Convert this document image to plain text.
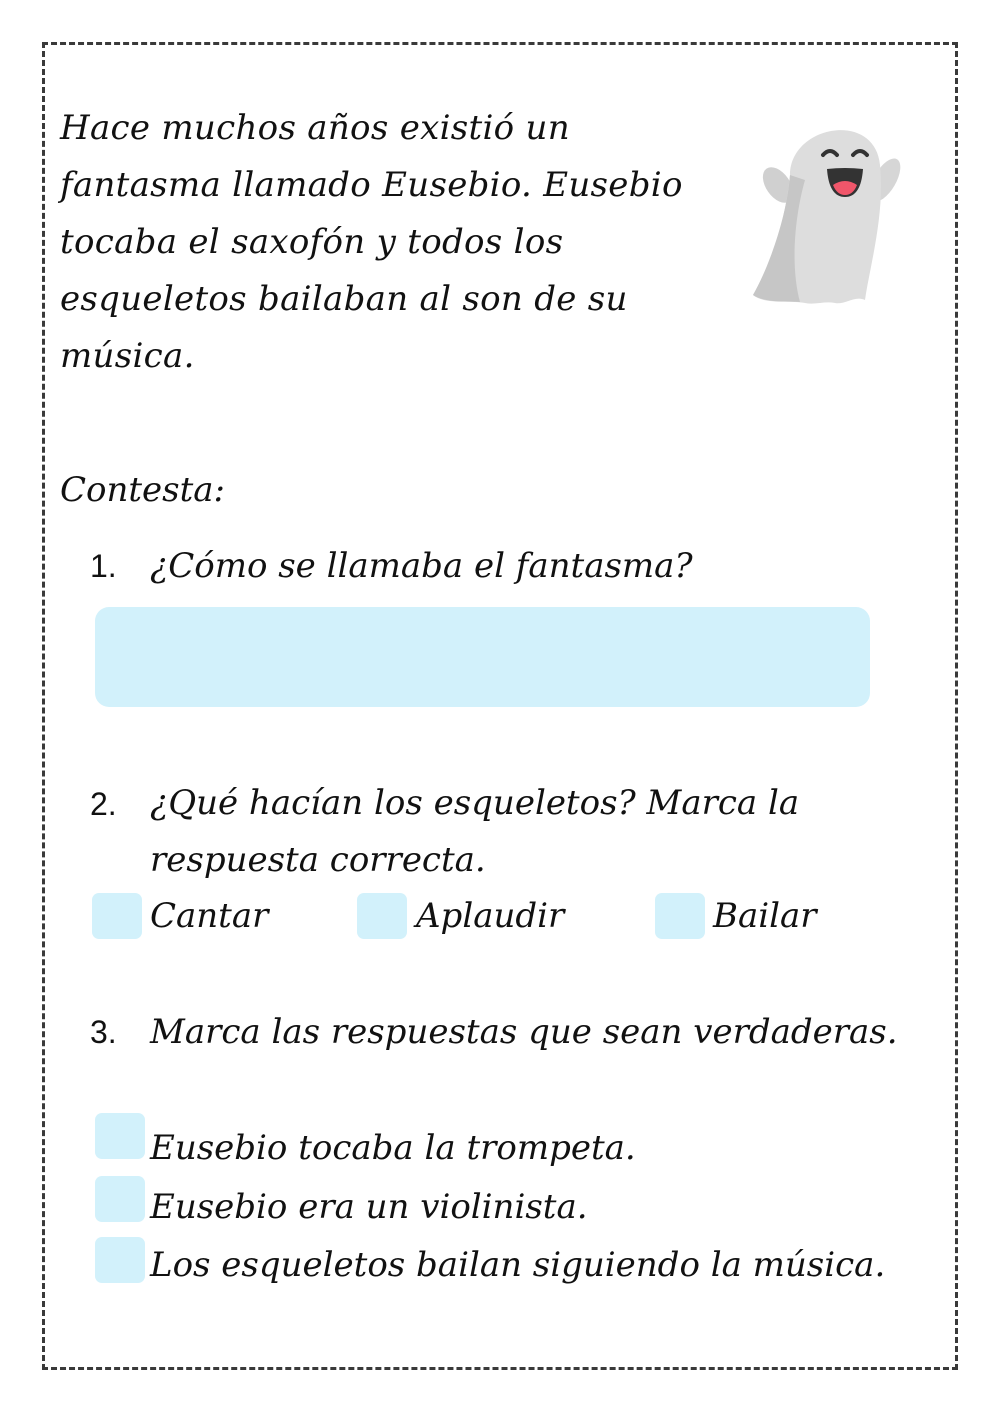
Hace muchos años existió un fantasma llamado Eusebio. Eusebio tocaba el saxofón y todos los esqueletos bailaban al son de su música.

Contesta:

1. ¿Cómo se llamaba el fantasma?

2. ¿Qué hacían los esqueletos? Marca la respuesta correcta.

Cantar	Aplaudir	Bailar
3. Marca las respuestas que sean verdaderas.

Eusebio tocaba la trompeta.
Eusebio era un violinista.
Los esqueletos bailan siguiendo la música.
